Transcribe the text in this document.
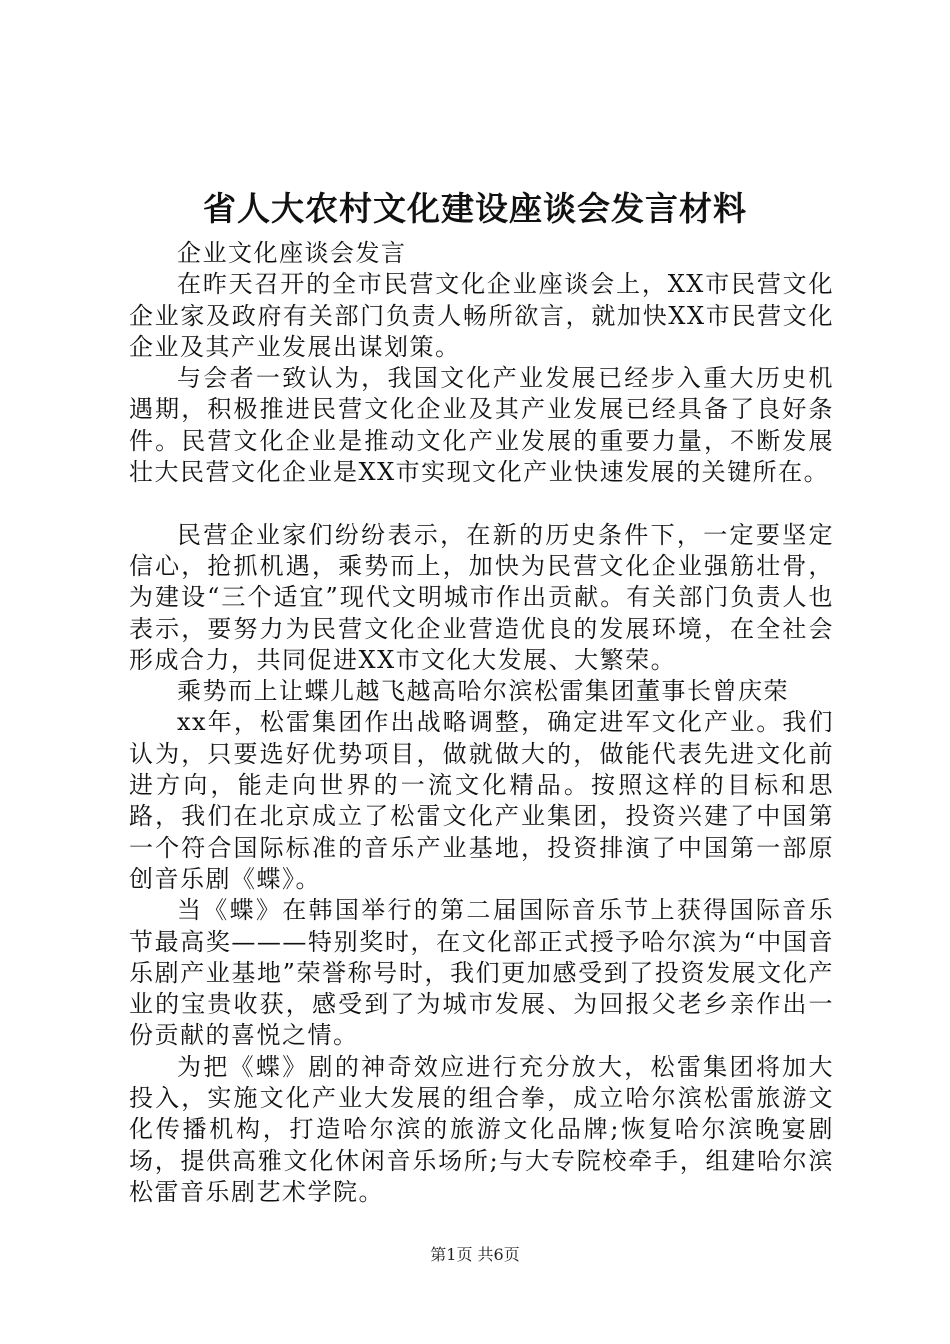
省人大农村文化建设座谈会发言材料

企业文化座谈会发言

在昨天召开的全市民营文化企业座谈会上，XX市民营文化企业家及政府有关部门负责人畅所欲言，就加快XX市民营文化企业及其产业发展出谋划策。

与会者一致认为，我国文化产业发展已经步入重大历史机遇期，积极推进民营文化企业及其产业发展已经具备了良好条件。民营文化企业是推动文化产业发展的重要力量，不断发展壮大民营文化企业是XX市实现文化产业快速发展的关键所在。

民营企业家们纷纷表示，在新的历史条件下，一定要坚定信心，抢抓机遇，乘势而上，加快为民营文化企业强筋壮骨，为建设“三个适宜”现代文明城市作出贡献。有关部门负责人也表示，要努力为民营文化企业营造优良的发展环境，在全社会形成合力，共同促进XX市文化大发展、大繁荣。

乘势而上让蝶儿越飞越高哈尔滨松雷集团董事长曾庆荣

xx年，松雷集团作出战略调整，确定进军文化产业。我们认为，只要选好优势项目，做就做大的，做能代表先进文化前进方向，能走向世界的一流文化精品。按照这样的目标和思路，我们在北京成立了松雷文化产业集团，投资兴建了中国第一个符合国际标准的音乐产业基地，投资排演了中国第一部原创音乐剧《蝶》。

当《蝶》在韩国举行的第二届国际音乐节上获得国际音乐节最高奖———特别奖时，在文化部正式授予哈尔滨为“中国音乐剧产业基地”荣誉称号时，我们更加感受到了投资发展文化产业的宝贵收获，感受到了为城市发展、为回报父老乡亲作出一份贡献的喜悦之情。

为把《蝶》剧的神奇效应进行充分放大，松雷集团将加大投入，实施文化产业大发展的组合拳，成立哈尔滨松雷旅游文化传播机构，打造哈尔滨的旅游文化品牌;恢复哈尔滨晚宴剧场，提供高雅文化休闲音乐场所;与大专院校牵手，组建哈尔滨松雷音乐剧艺术学院。

第1页 共6页
